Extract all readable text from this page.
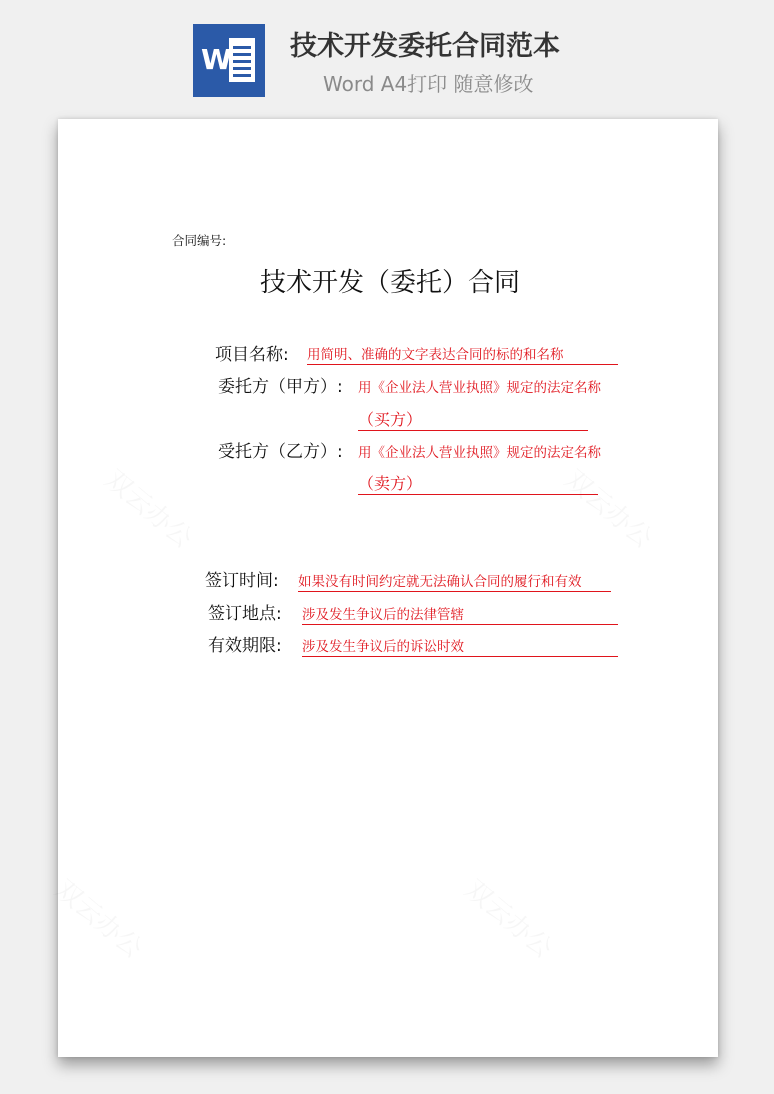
W 技术开发委托合同范本
Word A4打印 随意修改
合同编号:
技术开发（委托）合同
项目名称: 用简明、准确的文字表达合同的标的和名称
委托方（甲方）: 用《企业法人营业执照》规定的法定名称
（买方）
受托方（乙方）: 用《企业法人营业执照》规定的法定名称
（卖方）
签订时间: 如果没有时间约定就无法确认合同的履行和有效
签订地点: 涉及发生争议后的法律管辖
有效期限: 涉及发生争议后的诉讼时效
